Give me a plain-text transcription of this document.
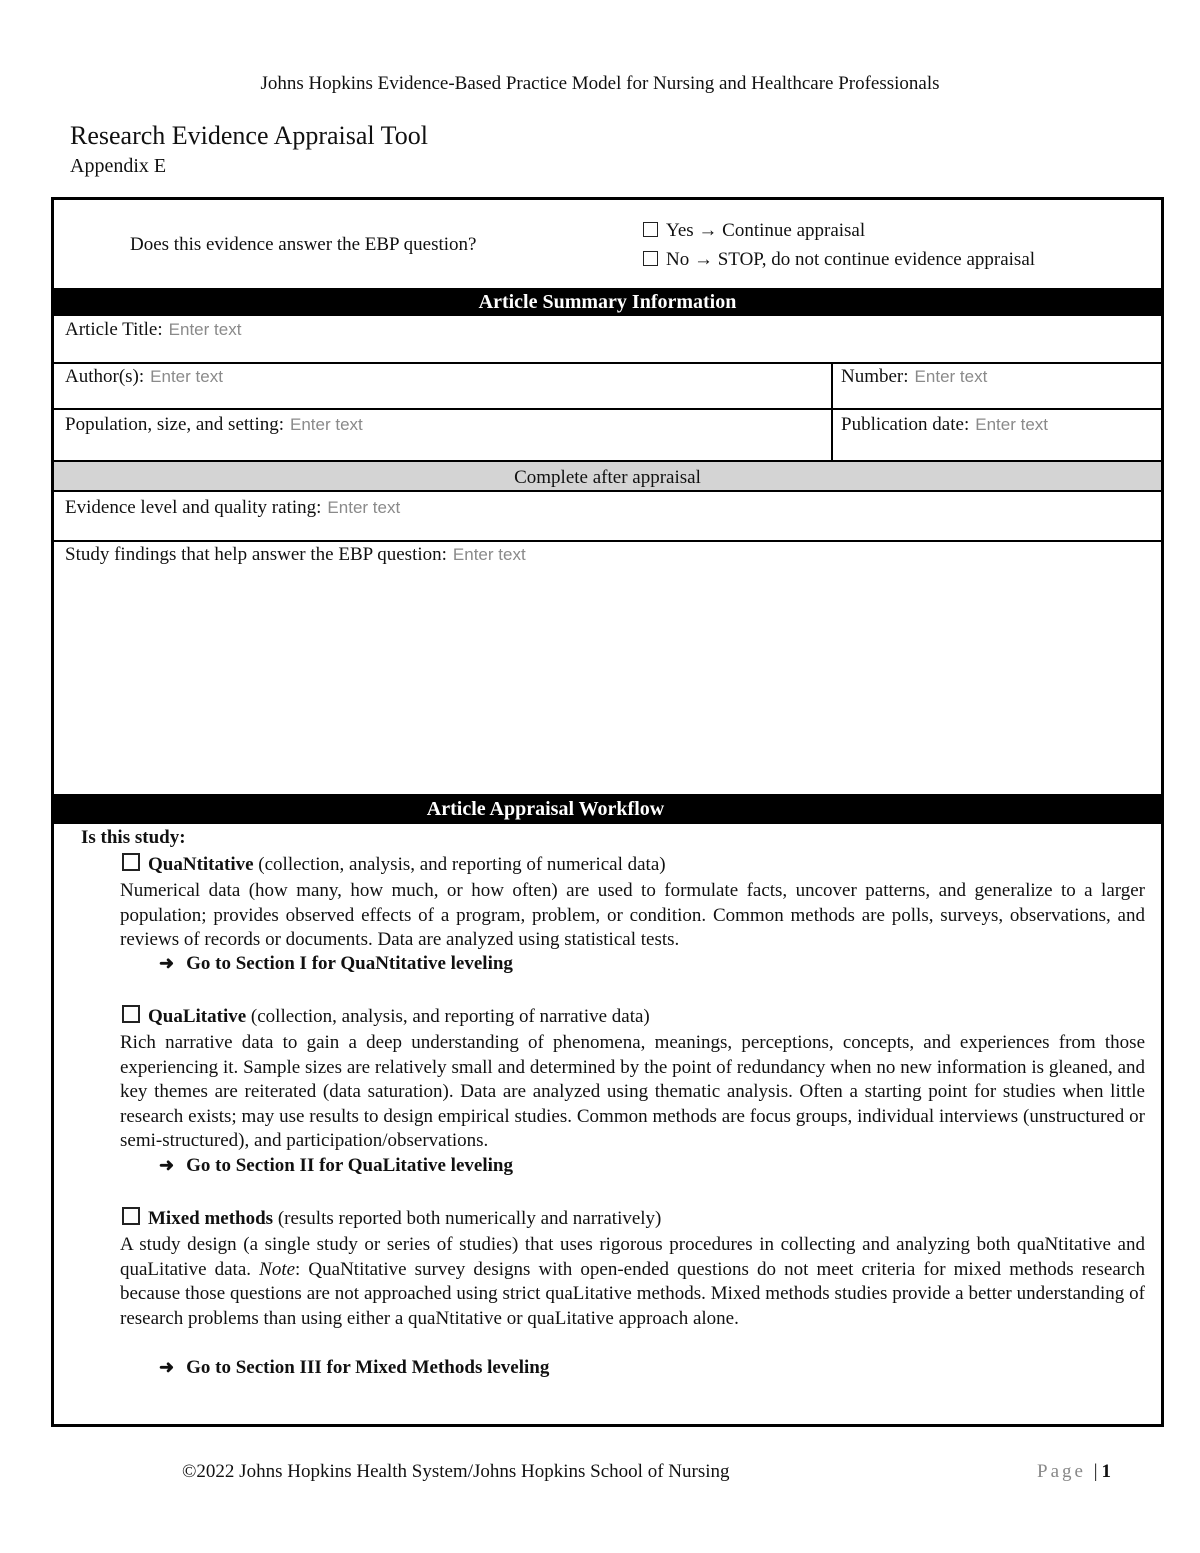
Johns Hopkins Evidence-Based Practice Model for Nursing and Healthcare Professionals
Research Evidence Appraisal Tool
Appendix E
Does this evidence answer the EBP question?
Yes → Continue appraisal
No → STOP, do not continue evidence appraisal
Article Summary Information
Article Title: Enter text
Author(s): Enter text	Number: Enter text
Population, size, and setting: Enter text	Publication date: Enter text
Complete after appraisal
Evidence level and quality rating: Enter text
Study findings that help answer the EBP question: Enter text
Article Appraisal Workflow
Is this study:
QuaNtitative (collection, analysis, and reporting of numerical data)
Numerical data (how many, how much, or how often) are used to formulate facts, uncover patterns, and generalize to a larger population; provides observed effects of a program, problem, or condition. Common methods are polls, surveys, observations, and reviews of records or documents. Data are analyzed using statistical tests.
➜ Go to Section I for QuaNtitative leveling
QuaLitative (collection, analysis, and reporting of narrative data)
Rich narrative data to gain a deep understanding of phenomena, meanings, perceptions, concepts, and experiences from those experiencing it. Sample sizes are relatively small and determined by the point of redundancy when no new information is gleaned, and key themes are reiterated (data saturation). Data are analyzed using thematic analysis. Often a starting point for studies when little research exists; may use results to design empirical studies. Common methods are focus groups, individual interviews (unstructured or semi-structured), and participation/observations.
➜ Go to Section II for QuaLitative leveling
Mixed methods (results reported both numerically and narratively)
A study design (a single study or series of studies) that uses rigorous procedures in collecting and analyzing both quaNtitative and quaLitative data. Note: QuaNtitative survey designs with open-ended questions do not meet criteria for mixed methods research because those questions are not approached using strict quaLitative methods. Mixed methods studies provide a better understanding of research problems than using either a quaNtitative or quaLitative approach alone.
➜ Go to Section III for Mixed Methods leveling
©2022 Johns Hopkins Health System/Johns Hopkins School of Nursing	Page | 1
